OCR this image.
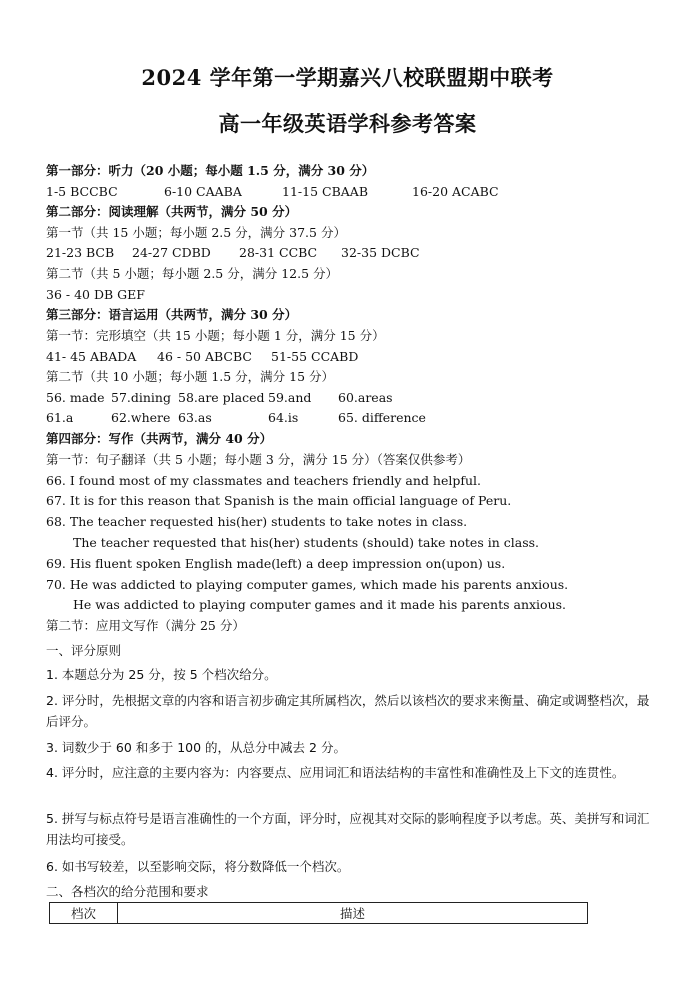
2024 学年第一学期嘉兴八校联盟期中联考
高一年级英语学科参考答案
第一部分：听力（20 小题；每小题 1.5 分，满分 30 分）
1-5 BCCBC	6-10 CAABA	11-15 CBAAB	16-20 ACABC
第二部分：阅读理解（共两节，满分 50 分）
第一节（共 15 小题；每小题 2.5 分，满分 37.5 分）
21-23 BCB 24-27 CDBD 28-31 CCBC 32-35 DCBC
第二节（共 5 小题；每小题 2.5 分，满分 12.5 分）
36 - 40 DB GEF
第三部分：语言运用（共两节，满分 30 分）
第一节：完形填空（共 15 小题；每小题 1 分，满分 15 分）
41- 45 ABADA 46 - 50 ABCBC 51-55 CCABD
第二节（共 10 小题；每小题 1.5 分，满分 15 分）
56. made 57.dining 58.are placed 59.and 60.areas
61.a	62.where 63.as	64.is	65. difference
第四部分：写作（共两节，满分 40 分）
第一节：句子翻译（共 5 小题；每小题 3 分，满分 15 分）（答案仅供参考）
66. I found most of my classmates and teachers friendly and helpful.
67. It is for this reason that Spanish is the main official language of Peru.
68. The teacher requested his(her) students to take notes in class.
The teacher requested that his(her) students (should) take notes in class.
69. His fluent spoken English made(left) a deep impression on(upon) us.
70. He was addicted to playing computer games, which made his parents anxious.
He was addicted to playing computer games and it made his parents anxious.
第二节：应用文写作（满分 25 分）
一、评分原则
1. 本题总分为 25 分，按 5 个档次给分。
2. 评分时，先根据文章的内容和语言初步确定其所属档次，然后以该档次的要求来衡量、确定或调整档次，最后评分。
3. 词数少于 60 和多于 100 的，从总分中减去 2 分。
4. 评分时，应注意的主要内容为：内容要点、应用词汇和语法结构的丰富性和准确性及上下文的连贯性。
5. 拼写与标点符号是语言准确性的一个方面，评分时，应视其对交际的影响程度予以考虑。英、美拼写和词汇用法均可接受。
6. 如书写较差，以至影响交际，将分数降低一个档次。
二、各档次的给分范围和要求
档次	描述
